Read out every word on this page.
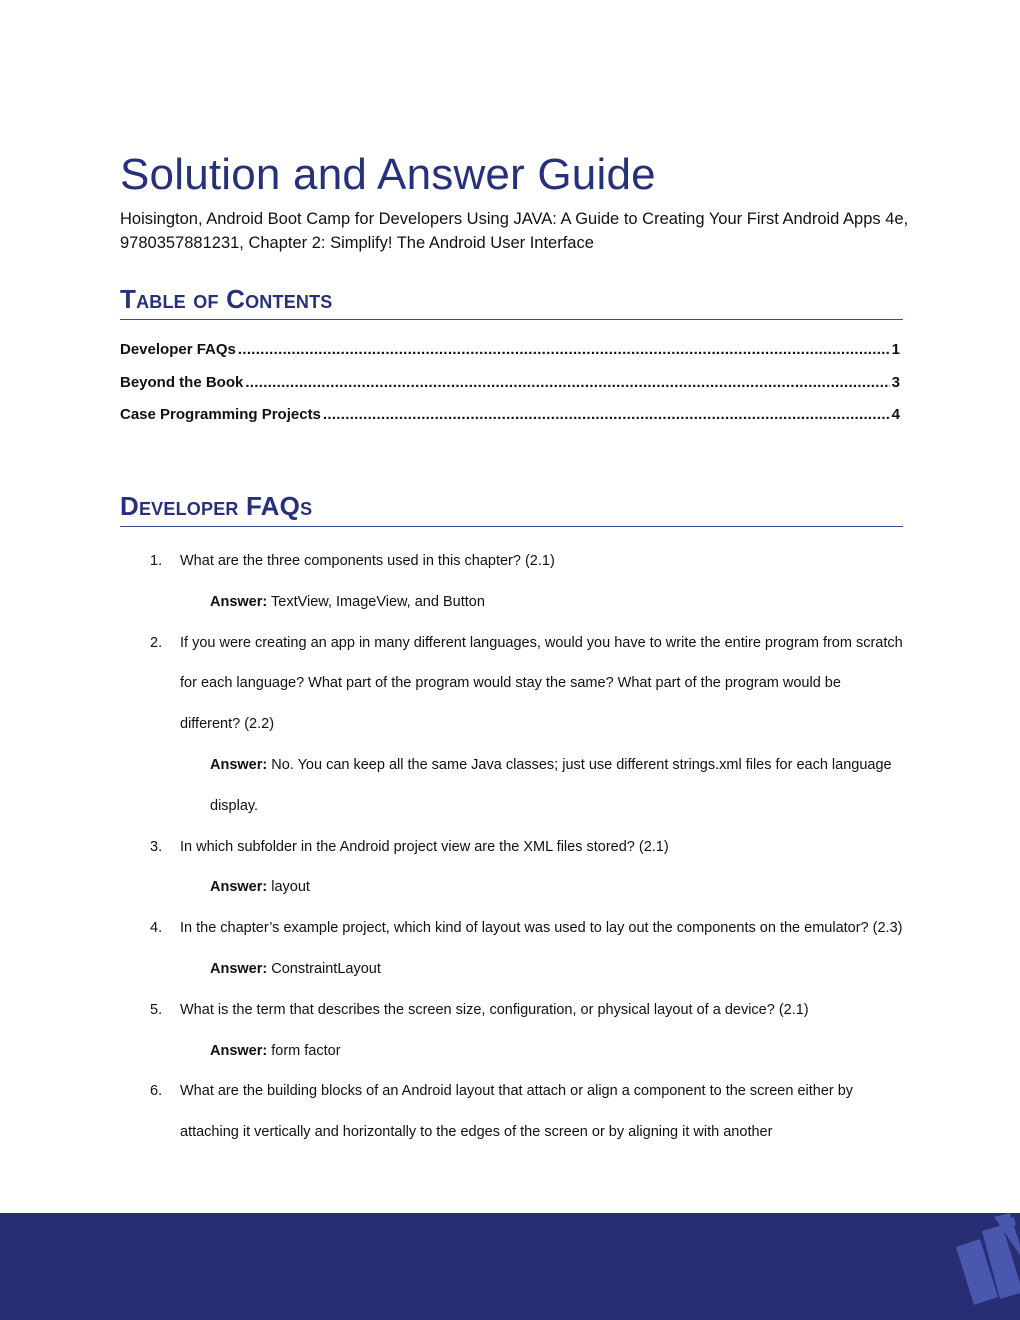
Solution and Answer Guide
Hoisington, Android Boot Camp for Developers Using JAVA: A Guide to Creating Your First Android Apps 4e, 9780357881231, Chapter 2: Simplify! The Android User Interface
Table of Contents
Developer FAQs .....	1
Beyond the Book .....	3
Case Programming Projects .....	4
Developer FAQs
1. What are the three components used in this chapter? (2.1)

Answer: TextView, ImageView, and Button

2. If you were creating an app in many different languages, would you have to write the entire program from scratch for each language? What part of the program would stay the same? What part of the program would be different? (2.2)

Answer: No. You can keep all the same Java classes; just use different strings.xml files for each language display.

3. In which subfolder in the Android project view are the XML files stored? (2.1)

Answer: layout

4. In the chapter’s example project, which kind of layout was used to lay out the components on the emulator? (2.3)

Answer: ConstraintLayout

5. What is the term that describes the screen size, configuration, or physical layout of a device? (2.1)

Answer: form factor

6. What are the building blocks of an Android layout that attach or align a component to the screen either by attaching it vertically and horizontally to the edges of the screen or by aligning it with another
